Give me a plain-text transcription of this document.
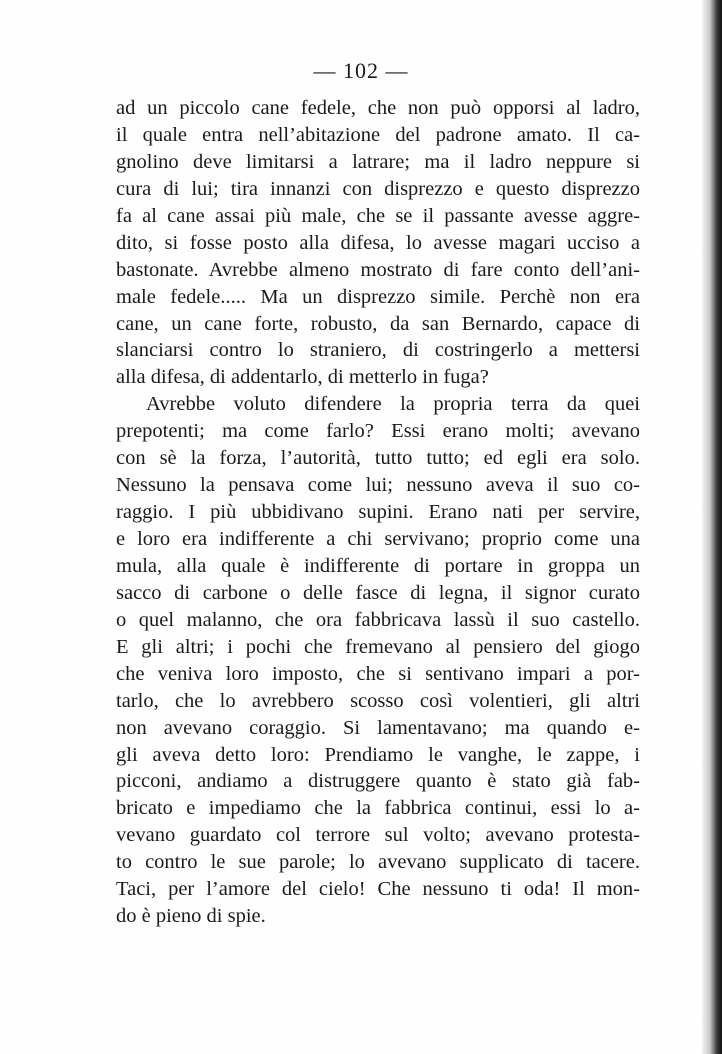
— 102 —
ad un piccolo cane fedele, che non può opporsi al ladro,
il quale entra nell’abitazione del padrone amato. Il ca-
gnolino deve limitarsi a latrare; ma il ladro neppure si
cura di lui; tira innanzi con disprezzo e questo disprezzo
fa al cane assai più male, che se il passante avesse aggre-
dito, si fosse posto alla difesa, lo avesse magari ucciso a
bastonate. Avrebbe almeno mostrato di fare conto dell’ani-
male fedele..... Ma un disprezzo simile. Perchè non era
cane, un cane forte, robusto, da san Bernardo, capace di
slanciarsi contro lo straniero, di costringerlo a mettersi
alla difesa, di addentarlo, di metterlo in fuga?
Avrebbe voluto difendere la propria terra da quei
prepotenti; ma come farlo? Essi erano molti; avevano
con sè la forza, l’autorità, tutto tutto; ed egli era solo.
Nessuno la pensava come lui; nessuno aveva il suo co-
raggio. I più ubbidivano supini. Erano nati per servire,
e loro era indifferente a chi servivano; proprio come una
mula, alla quale è indifferente di portare in groppa un
sacco di carbone o delle fasce di legna, il signor curato
o quel malanno, che ora fabbricava lassù il suo castello.
E gli altri; i pochi che fremevano al pensiero del giogo
che veniva loro imposto, che si sentivano impari a por-
tarlo, che lo avrebbero scosso così volentieri, gli altri
non avevano coraggio. Si lamentavano; ma quando e-
gli aveva detto loro: Prendiamo le vanghe, le zappe, i
picconi, andiamo a distruggere quanto è stato già fab-
bricato e impediamo che la fabbrica continui, essi lo a-
vevano guardato col terrore sul volto; avevano protesta-
to contro le sue parole; lo avevano supplicato di tacere.
Taci, per l’amore del cielo! Che nessuno ti oda! Il mon-
do è pieno di spie.
